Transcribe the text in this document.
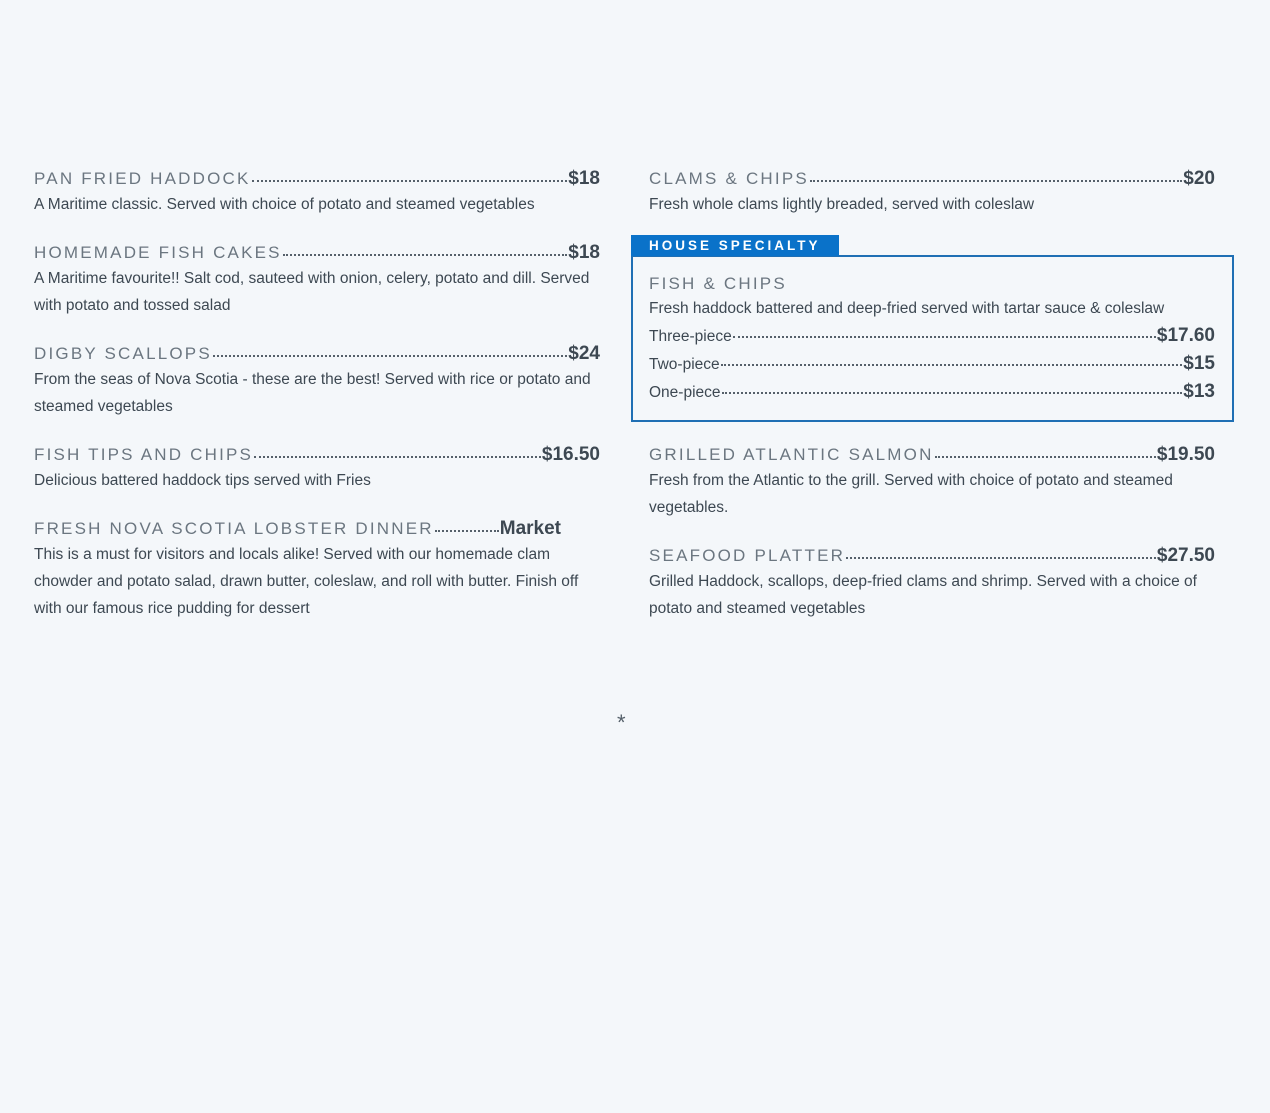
PAN FRIED HADDOCK	$18
A Maritime classic. Served with choice of potato and steamed vegetables
HOMEMADE FISH CAKES	$18
A Maritime favourite!! Salt cod, sauteed with onion, celery, potato and dill. Served with potato and tossed salad
DIGBY SCALLOPS	$24
From the seas of Nova Scotia - these are the best! Served with rice or potato and steamed vegetables
FISH TIPS AND CHIPS	$16.50
Delicious battered haddock tips served with Fries
FRESH NOVA SCOTIA LOBSTER DINNER	Market
This is a must for visitors and locals alike! Served with our homemade clam chowder and potato salad, drawn butter, coleslaw, and roll with butter. Finish off with our famous rice pudding for dessert
CLAMS & CHIPS	$20
Fresh whole clams lightly breaded, served with coleslaw
HOUSE SPECIALTY
FISH & CHIPS
Fresh haddock battered and deep-fried served with tartar sauce & coleslaw
Three-piece	$17.60
Two-piece	$15
One-piece	$13
GRILLED ATLANTIC SALMON	$19.50
Fresh from the Atlantic to the grill. Served with choice of potato and steamed vegetables.
SEAFOOD PLATTER	$27.50
Grilled Haddock, scallops, deep-fried clams and shrimp. Served with a choice of potato and steamed vegetables
*
